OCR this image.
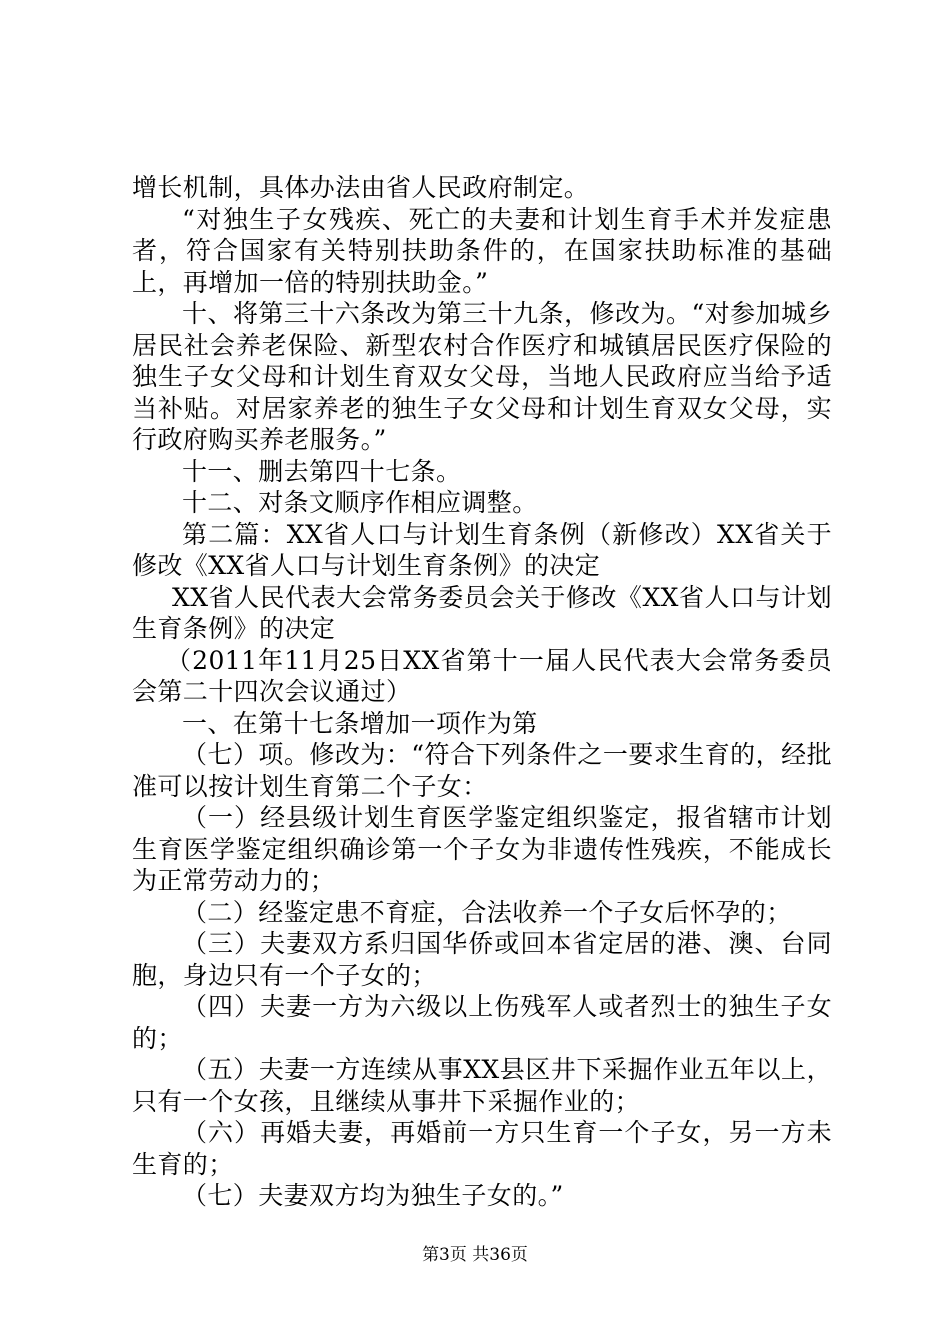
增长机制，具体办法由省人民政府制定。

“对独生子女残疾、死亡的夫妻和计划生育手术并发症患者，符合国家有关特别扶助条件的，在国家扶助标准的基础上，再增加一倍的特别扶助金。”

十、将第三十六条改为第三十九条，修改为。“对参加城乡居民社会养老保险、新型农村合作医疗和城镇居民医疗保险的独生子女父母和计划生育双女父母，当地人民政府应当给予适当补贴。对居家养老的独生子女父母和计划生育双女父母，实行政府购买养老服务。”

十一、删去第四十七条。

十二、对条文顺序作相应调整。

第二篇：XX省人口与计划生育条例（新修改）XX省关于修改《XX省人口与计划生育条例》的决定

XX省人民代表大会常务委员会关于修改《XX省人口与计划生育条例》的决定

（2011年11月25日XX省第十一届人民代表大会常务委员会第二十四次会议通过）

一、在第十七条增加一项作为第

（七）项。修改为：“符合下列条件之一要求生育的，经批准可以按计划生育第二个子女：

（一）经县级计划生育医学鉴定组织鉴定，报省辖市计划生育医学鉴定组织确诊第一个子女为非遗传性残疾，不能成长为正常劳动力的；

（二）经鉴定患不育症，合法收养一个子女后怀孕的；

（三）夫妻双方系归国华侨或回本省定居的港、澳、台同胞，身边只有一个子女的；

（四）夫妻一方为六级以上伤残军人或者烈士的独生子女的；

（五）夫妻一方连续从事XX县区井下采掘作业五年以上，只有一个女孩，且继续从事井下采掘作业的；

（六）再婚夫妻，再婚前一方只生育一个子女，另一方未生育的；

（七）夫妻双方均为独生子女的。”

第3页 共36页
